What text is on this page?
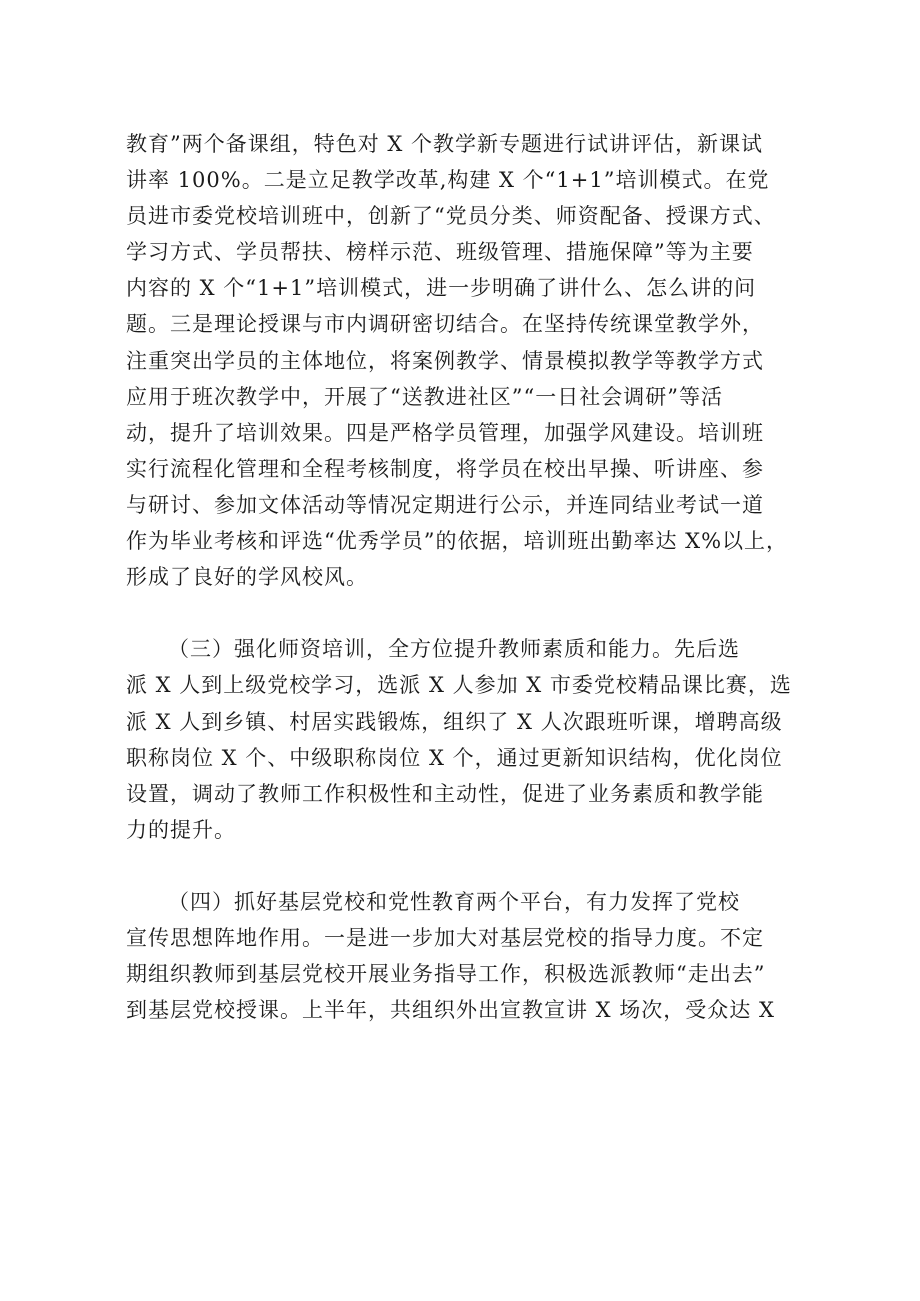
教育”两个备课组，特色对 X 个教学新专题进行试讲评估，新课试
讲率 100%。二是立足教学改革,构建 X 个“1+1”培训模式。在党
员进市委党校培训班中，创新了“党员分类、师资配备、授课方式、
学习方式、学员帮扶、榜样示范、班级管理、措施保障”等为主要
内容的 X 个“1+1”培训模式，进一步明确了讲什么、怎么讲的问
题。三是理论授课与市内调研密切结合。在坚持传统课堂教学外，
注重突出学员的主体地位，将案例教学、情景模拟教学等教学方式
应用于班次教学中，开展了“送教进社区”“一日社会调研”等活
动，提升了培训效果。四是严格学员管理，加强学风建设。培训班
实行流程化管理和全程考核制度，将学员在校出早操、听讲座、参
与研讨、参加文体活动等情况定期进行公示，并连同结业考试一道
作为毕业考核和评选“优秀学员”的依据，培训班出勤率达 X%以上，
形成了良好的学风校风。
（三）强化师资培训，全方位提升教师素质和能力。先后选
派 X 人到上级党校学习，选派 X 人参加 X 市委党校精品课比赛，选
派 X 人到乡镇、村居实践锻炼，组织了 X 人次跟班听课，增聘高级
职称岗位 X 个、中级职称岗位 X 个，通过更新知识结构，优化岗位
设置，调动了教师工作积极性和主动性，促进了业务素质和教学能
力的提升。
（四）抓好基层党校和党性教育两个平台，有力发挥了党校
宣传思想阵地作用。一是进一步加大对基层党校的指导力度。不定
期组织教师到基层党校开展业务指导工作，积极选派教师“走出去”
到基层党校授课。上半年，共组织外出宣教宣讲 X 场次，受众达 X
